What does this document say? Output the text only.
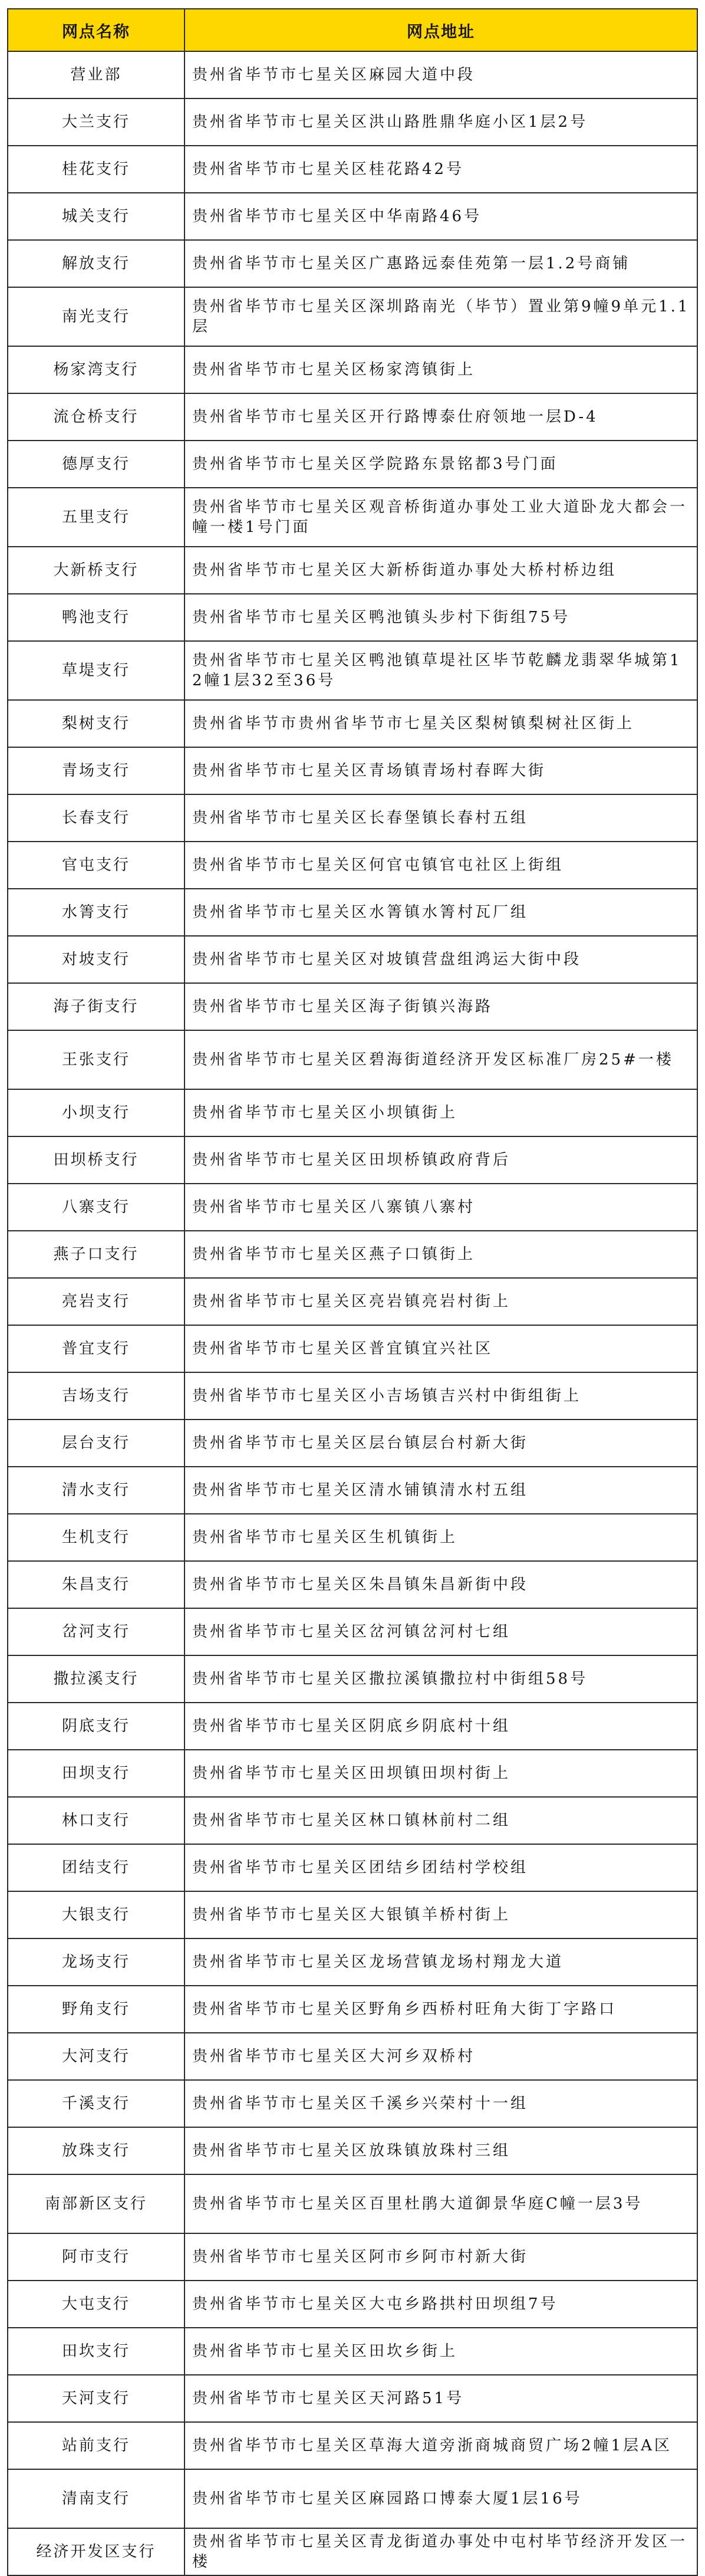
网点名称	网点地址
营业部	贵州省毕节市七星关区麻园大道中段
大兰支行	贵州省毕节市七星关区洪山路胜鼎华庭小区1层2号
桂花支行	贵州省毕节市七星关区桂花路42号
城关支行	贵州省毕节市七星关区中华南路46号
解放支行	贵州省毕节市七星关区广惠路远泰佳苑第一层1.2号商铺
南光支行	贵州省毕节市七星关区深圳路南光（毕节）置业第9幢9单元1.1层
杨家湾支行	贵州省毕节市七星关区杨家湾镇街上
流仓桥支行	贵州省毕节市七星关区开行路博泰仕府领地一层D-4
德厚支行	贵州省毕节市七星关区学院路东景铭都3号门面
五里支行	贵州省毕节市七星关区观音桥街道办事处工业大道卧龙大都会一幢一楼1号门面
大新桥支行	贵州省毕节市七星关区大新桥街道办事处大桥村桥边组
鸭池支行	贵州省毕节市七星关区鸭池镇头步村下街组75号
草堤支行	贵州省毕节市七星关区鸭池镇草堤社区毕节乾麟龙翡翠华城第12幢1层32至36号
梨树支行	贵州省毕节市贵州省毕节市七星关区梨树镇梨树社区街上
青场支行	贵州省毕节市七星关区青场镇青场村春晖大街
长春支行	贵州省毕节市七星关区长春堡镇长春村五组
官屯支行	贵州省毕节市七星关区何官屯镇官屯社区上街组
水箐支行	贵州省毕节市七星关区水箐镇水箐村瓦厂组
对坡支行	贵州省毕节市七星关区对坡镇营盘组鸿运大街中段
海子街支行	贵州省毕节市七星关区海子街镇兴海路
王张支行	贵州省毕节市七星关区碧海街道经济开发区标准厂房25#一楼
小坝支行	贵州省毕节市七星关区小坝镇街上
田坝桥支行	贵州省毕节市七星关区田坝桥镇政府背后
八寨支行	贵州省毕节市七星关区八寨镇八寨村
燕子口支行	贵州省毕节市七星关区燕子口镇街上
亮岩支行	贵州省毕节市七星关区亮岩镇亮岩村街上
普宜支行	贵州省毕节市七星关区普宜镇宜兴社区
吉场支行	贵州省毕节市七星关区小吉场镇吉兴村中街组街上
层台支行	贵州省毕节市七星关区层台镇层台村新大街
清水支行	贵州省毕节市七星关区清水铺镇清水村五组
生机支行	贵州省毕节市七星关区生机镇街上
朱昌支行	贵州省毕节市七星关区朱昌镇朱昌新街中段
岔河支行	贵州省毕节市七星关区岔河镇岔河村七组
撒拉溪支行	贵州省毕节市七星关区撒拉溪镇撒拉村中街组58号
阴底支行	贵州省毕节市七星关区阴底乡阴底村十组
田坝支行	贵州省毕节市七星关区田坝镇田坝村街上
林口支行	贵州省毕节市七星关区林口镇林前村二组
团结支行	贵州省毕节市七星关区团结乡团结村学校组
大银支行	贵州省毕节市七星关区大银镇羊桥村街上
龙场支行	贵州省毕节市七星关区龙场营镇龙场村翔龙大道
野角支行	贵州省毕节市七星关区野角乡西桥村旺角大街丁字路口
大河支行	贵州省毕节市七星关区大河乡双桥村
千溪支行	贵州省毕节市七星关区千溪乡兴荣村十一组
放珠支行	贵州省毕节市七星关区放珠镇放珠村三组
南部新区支行	贵州省毕节市七星关区百里杜鹃大道御景华庭C幢一层3号
阿市支行	贵州省毕节市七星关区阿市乡阿市村新大街
大屯支行	贵州省毕节市七星关区大屯乡路拱村田坝组7号
田坎支行	贵州省毕节市七星关区田坎乡街上
天河支行	贵州省毕节市七星关区天河路51号
站前支行	贵州省毕节市七星关区草海大道旁浙商城商贸广场2幢1层A区
清南支行	贵州省毕节市七星关区麻园路口博泰大厦1层16号
经济开发区支行	贵州省毕节市七星关区青龙街道办事处中屯村毕节经济开发区一楼
